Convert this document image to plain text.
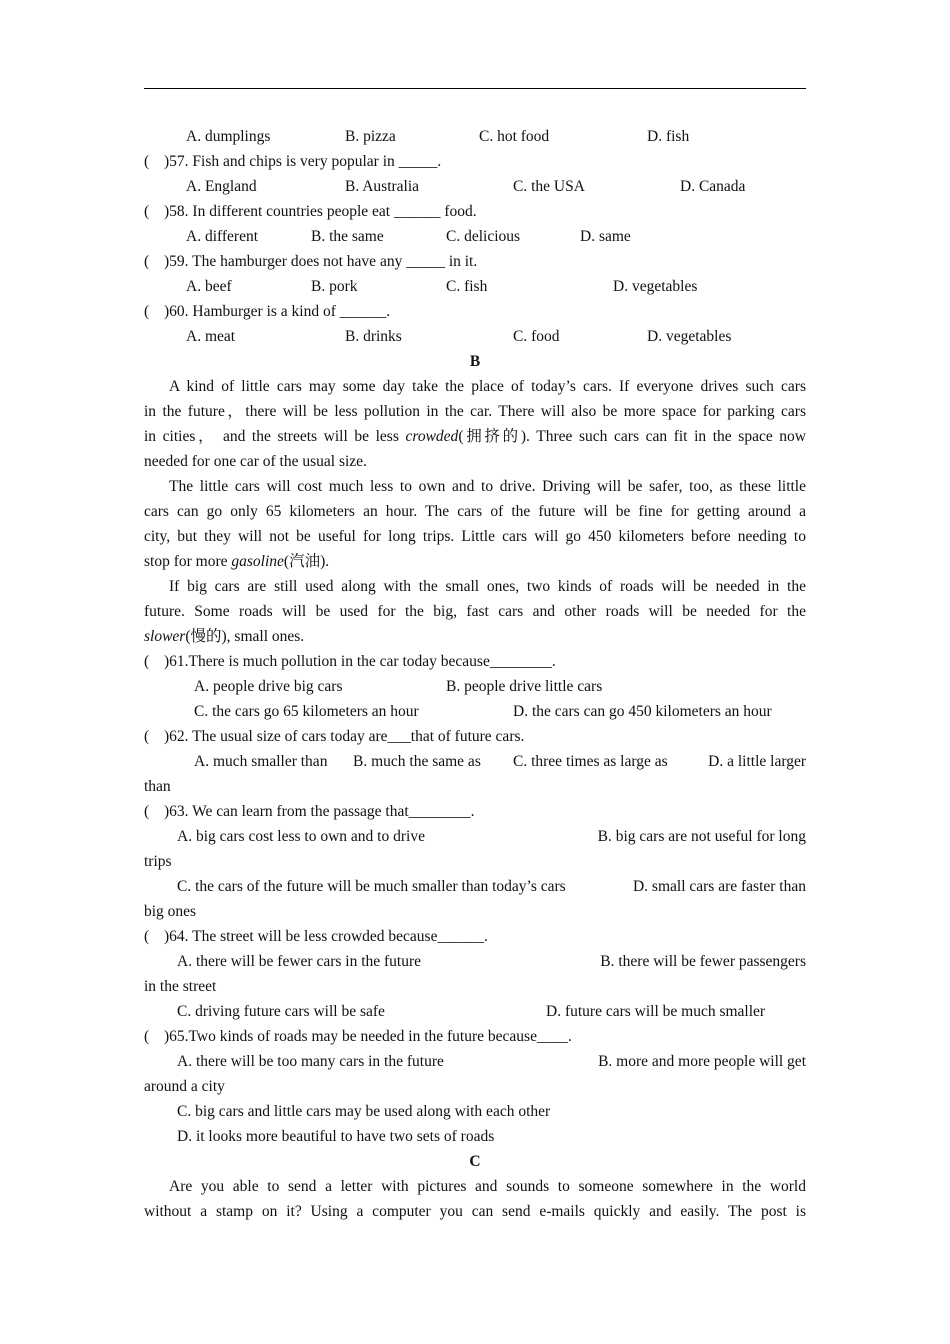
A. dumplings	B. pizza	C. hot food	D. fish
( )57. Fish and chips is very popular in _____.
A. England	B. Australia	C. the USA	D. Canada
( )58. In different countries people eat ______ food.
A. different	B. the same	C. delicious	D. same
( )59. The hamburger does not have any _____ in it.
A. beef	B. pork	C. fish	D. vegetables
( )60. Hamburger is a kind of ______.
A. meat	B. drinks	C. food	D. vegetables
B
A kind of little cars may some day take the place of today’s cars. If everyone drives such cars
in the future，there will be less pollution in the car. There will also be more space for parking cars
in cities， and the streets will be less crowded(拥挤的). Three such cars can fit in the space now
needed for one car of the usual size.
The little cars will cost much less to own and to drive. Driving will be safer, too, as these little
cars can go only 65 kilometers an hour. The cars of the future will be fine for getting around a
city, but they will not be useful for long trips. Little cars will go 450 kilometers before needing to
stop for more gasoline(汽油).
If big cars are still used along with the small ones, two kinds of roads will be needed in the
future. Some roads will be used for the big, fast cars and other roads will be needed for the
slower(慢的), small ones.
( )61.There is much pollution in the car today because________.
A. people drive big cars	B. people drive little cars
C. the cars go 65 kilometers an hour	D. the cars can go 450 kilometers an hour
( )62. The usual size of cars today are___that of future cars.
A. much smaller than B. much the same as C. three times as large as	D. a little larger
than
( )63. We can learn from the passage that________.
A. big cars cost less to own and to drive	B. big cars are not useful for long
trips
C. the cars of the future will be much smaller than today’s cars	D. small cars are faster than
big ones
( )64. The street will be less crowded because______.
A. there will be fewer cars in the future	B. there will be fewer passengers
in the street
C. driving future cars will be safe	D. future cars will be much smaller
( )65.Two kinds of roads may be needed in the future because____.
A. there will be too many cars in the future	B. more and more people will get
around a city
C. big cars and little cars may be used along with each other
D. it looks more beautiful to have two sets of roads
C
Are you able to send a letter with pictures and sounds to someone somewhere in the world
without a stamp on it? Using a computer you can send e-mails quickly and easily. The post is
